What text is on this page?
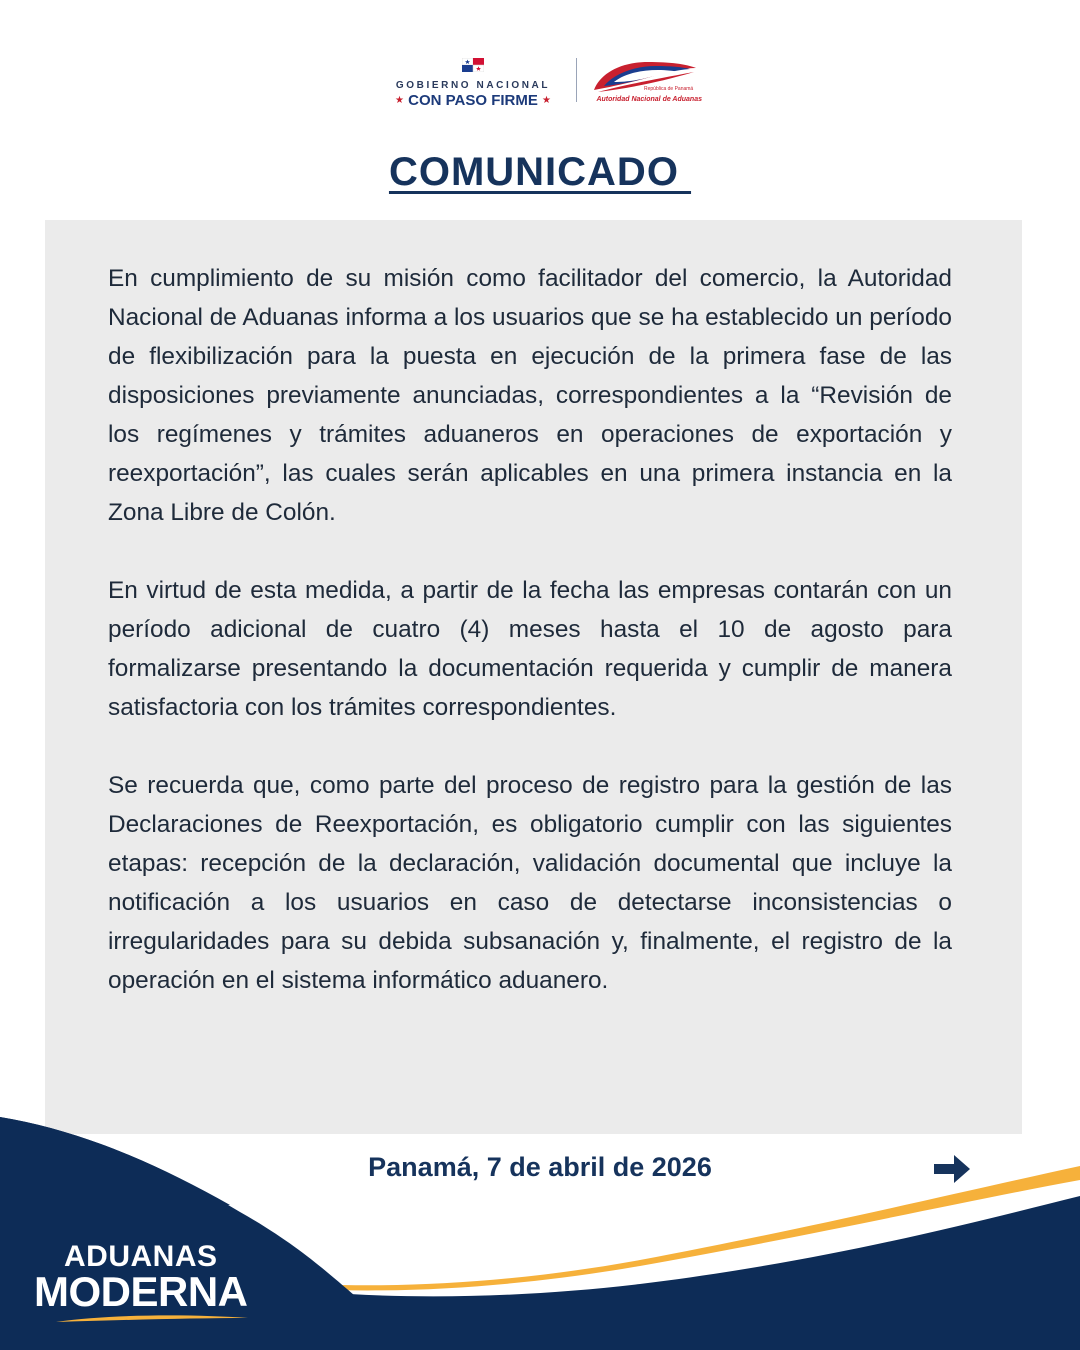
GOBIERNO NACIONAL
★ CON PASO FIRME ★
República de Panamá
Autoridad Nacional de Aduanas
COMUNICADO

En cumplimiento de su misión como facilitador del comercio, la Autoridad Nacional de Aduanas informa a los usuarios que se ha establecido un período de flexibilización para la puesta en ejecución de la primera fase de las disposiciones previamente anunciadas, correspondientes a la “Revisión de los regímenes y trámites aduaneros en operaciones de exportación y reexportación”, las cuales serán aplicables en una primera instancia en la Zona Libre de Colón.

En virtud de esta medida, a partir de la fecha las empresas contarán con un período adicional de cuatro (4) meses hasta el 10 de agosto para formalizarse presentando la documentación requerida y cumplir de manera satisfactoria con los trámites correspondientes.

Se recuerda que, como parte del proceso de registro para la gestión de las Declaraciones de Reexportación, es obligatorio cumplir con las siguientes etapas: recepción de la declaración, validación documental que incluye la notificación a los usuarios en caso de detectarse inconsistencias o irregularidades para su debida subsanación y, finalmente, el registro de la operación en el sistema informático aduanero.

Panamá, 7 de abril de 2026
ADUANAS
MODERNA
